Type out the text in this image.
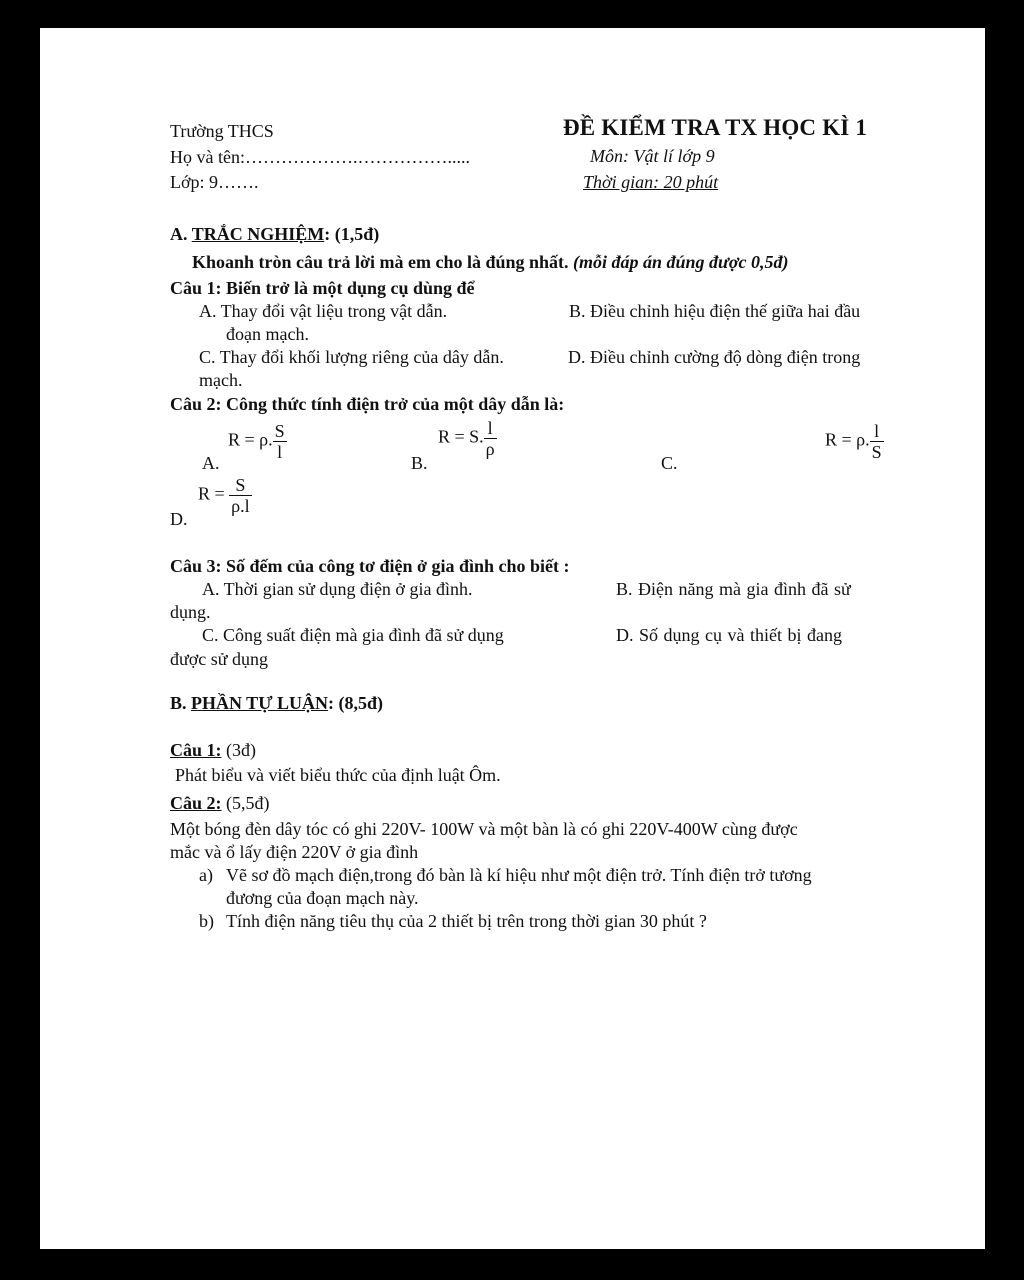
Trường THCS
Họ và tên:……………….…………….....
Lớp: 9…….
ĐỀ KIỂM TRA TX HỌC KÌ 1
Môn: Vật lí lớp 9
Thời gian: 20 phút
A. TRẮC NGHIỆM: (1,5đ)
Khoanh tròn câu trả lời mà em cho là đúng nhất. (mỗi đáp án đúng được 0,5đ)
Câu 1: Biến trở là một dụng cụ dùng để
A. Thay đổi vật liệu trong vật dẫn.	B. Điều chỉnh hiệu điện thế giữa hai đầu
đoạn mạch.
C. Thay đổi khối lượng riêng của dây dẫn.	D. Điều chỉnh cường độ dòng điện trong
mạch.
Câu 2: Công thức tính điện trở của một dây dẫn là:
A.
R = ρ. $\frac{S}{l}$
B.
R = S. $\frac{l}{\rho}$
C.
R = ρ. $\frac{l}{S}$
D.
$R = \frac{S}{\rho.l}$
Câu 3: Số đếm của công tơ điện ở gia đình cho biết :
A. Thời gian sử dụng điện ở gia đình.	B. Điện năng mà gia đình đã sử
dụng.
C. Công suất điện mà gia đình đã sử dụng	D. Số dụng cụ và thiết bị đang
được sử dụng
B. PHẦN TỰ LUẬN: (8,5đ)
Câu 1: (3đ)
Phát biểu và viết biểu thức của định luật Ôm.
Câu 2: (5,5đ)
Một bóng đèn dây tóc có ghi 220V- 100W và một bàn là có ghi 220V-400W cùng được
mắc và ổ lấy điện 220V ở gia đình
a) Vẽ sơ đồ mạch điện,trong đó bàn là kí hiệu như một điện trở. Tính điện trở tương
đương của đoạn mạch này.
b) Tính điện năng tiêu thụ của 2 thiết bị trên trong thời gian 30 phút ?
